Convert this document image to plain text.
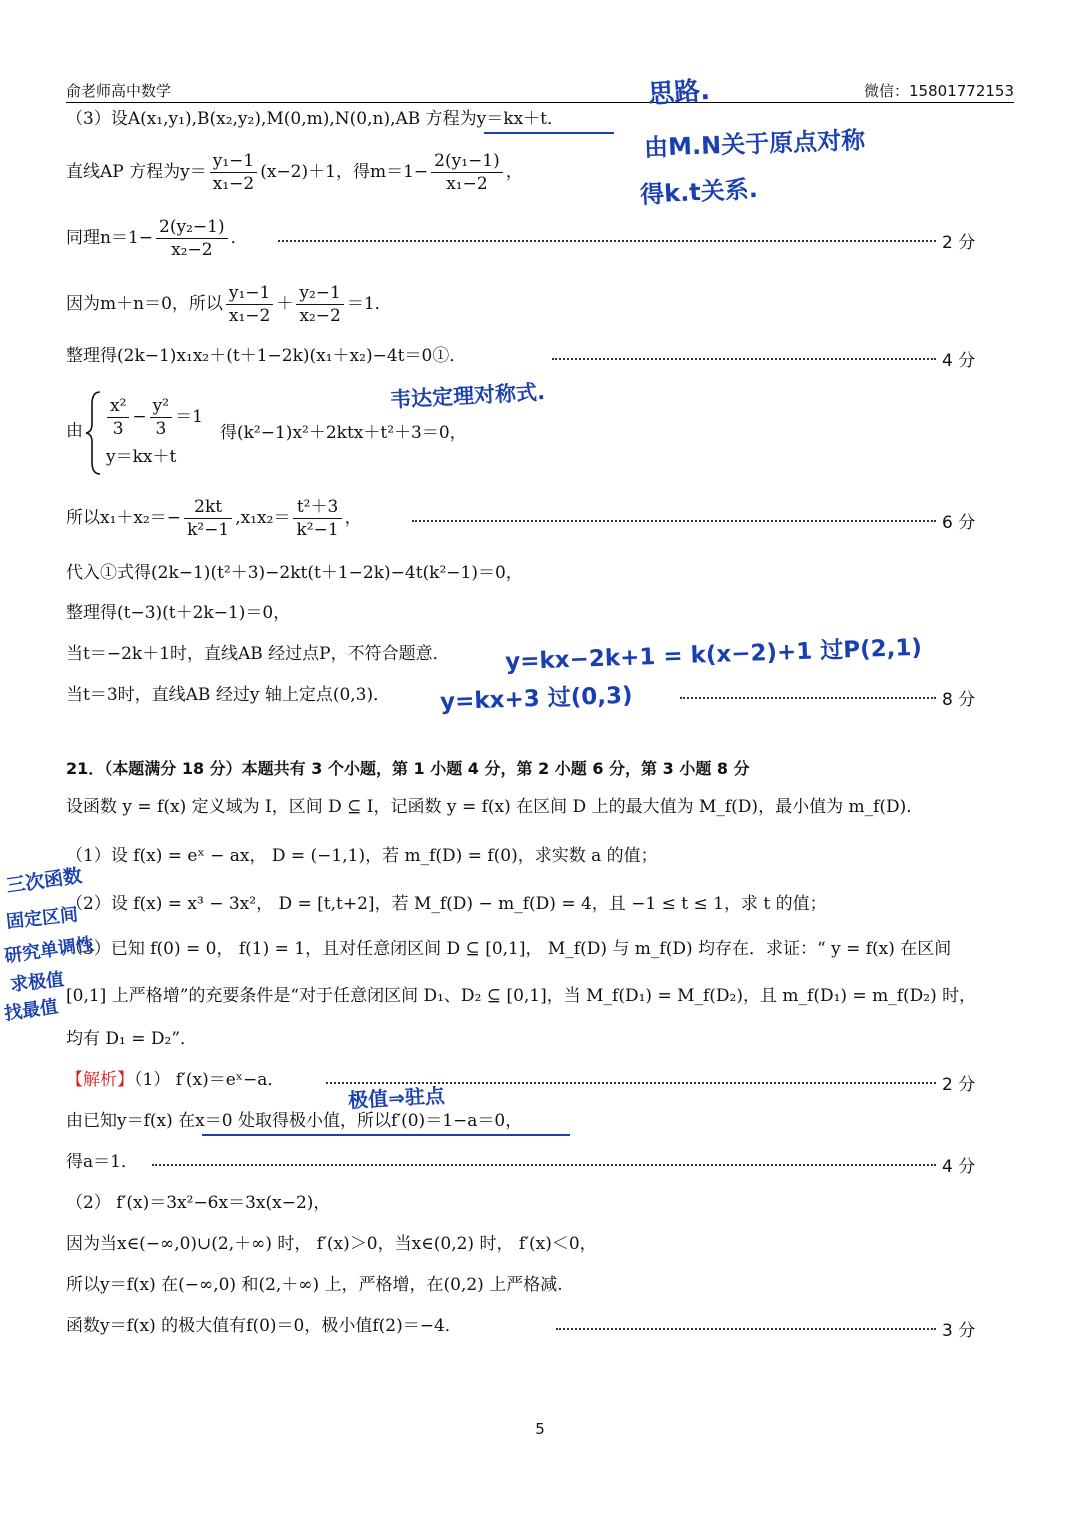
俞老师高中数学	微信：15801772153
（3）设A(x₁,y₁),B(x₂,y₂),M(0,m),N(0,n),AB 方程为y＝kx＋t．
直线AP 方程为$y= \frac{\text{y₁−1}}{\text{x₁−2}} (x-2)+1$，得$m=1- \frac{\text{2(y₁−1)}}{\text{x₁−2}}$ ，
同理$n=1- \frac{\text{2(y₂−1)}}{\text{x₂−2}}$ ．	2 分
因为m＋n＝0，所以 $\frac{\text{y₁−1}}{\text{x₁−2}} + \frac{\text{y₂−1}}{\text{x₂−2}} =1$．
整理得(2k−1)x₁x₂＋(t＋1−2k)(x₁＋x₂)−4t＝0①．	4 分
由 $\frac{\text{x²}}{3} - \frac{\text{y²}}{3} =1$
y＝kx＋t
得(k²−1)x²＋2ktx＋t²＋3＝0，
所以$x_1+x_2=- \frac{2kt}{\text{k²−1}} ,x_1x_2= \frac{\text{t²＋3}}{\text{k²−1}}$ ，	6 分
代入①式得(2k−1)(t²＋3)−2kt(t＋1−2k)−4t(k²−1)＝0，
整理得(t−3)(t＋2k−1)＝0，
当t＝−2k＋1时，直线AB 经过点P，不符合题意．
当t＝3时，直线AB 经过y 轴上定点(0,3)．	8 分
21．（本题满分 18 分）本题共有 3 个小题，第 1 小题 4 分，第 2 小题 6 分，第 3 小题 8 分
设函数 y = f(x) 定义域为 I，区间 D ⊆ I，记函数 y = f(x) 在区间 D 上的最大值为 M_f(D)，最小值为 m_f(D)．
（1）设 f(x) = eˣ − ax， D = (−1,1)，若 m_f(D) = f(0)，求实数 a 的值；
（2）设 f(x) = x³ − 3x²， D = [t,t+2]，若 M_f(D) − m_f(D) = 4，且 −1 ≤ t ≤ 1，求 t 的值；
（3）已知 f(0) = 0， f(1) = 1，且对任意闭区间 D ⊆ [0,1]， M_f(D) 与 m_f(D) 均存在．求证：“ y = f(x) 在区间
[0,1] 上严格增”的充要条件是“对于任意闭区间 D₁、D₂ ⊆ [0,1]，当 M_f(D₁) = M_f(D₂)，且 m_f(D₁) = m_f(D₂) 时，
均有 D₁ = D₂”．
【解析】（1） f′(x)＝eˣ−a．	2 分
由已知y＝f(x) 在x＝0 处取得极小值，所以f′(0)＝1−a＝0，
得a＝1．	4 分
（2） f′(x)＝3x²−6x＝3x(x−2)，
因为当x∈(−∞,0)∪(2,＋∞) 时， f′(x)＞0，当x∈(0,2) 时， f′(x)＜0，
所以y＝f(x) 在(−∞,0) 和(2,＋∞) 上，严格增，在(0,2) 上严格减.
函数y＝f(x) 的极大值有f(0)＝0，极小值f(2)＝−4．	3 分
思路.
由M.N关于原点对称
得k.t关系.
韦达定理对称式.
y=kx−2k+1 = k(x−2)+1 过P(2,1)
y=kx+3 过(0,3)
极值⇒驻点
三次函数
固定区间
研究单调性
求极值
找最值
5
